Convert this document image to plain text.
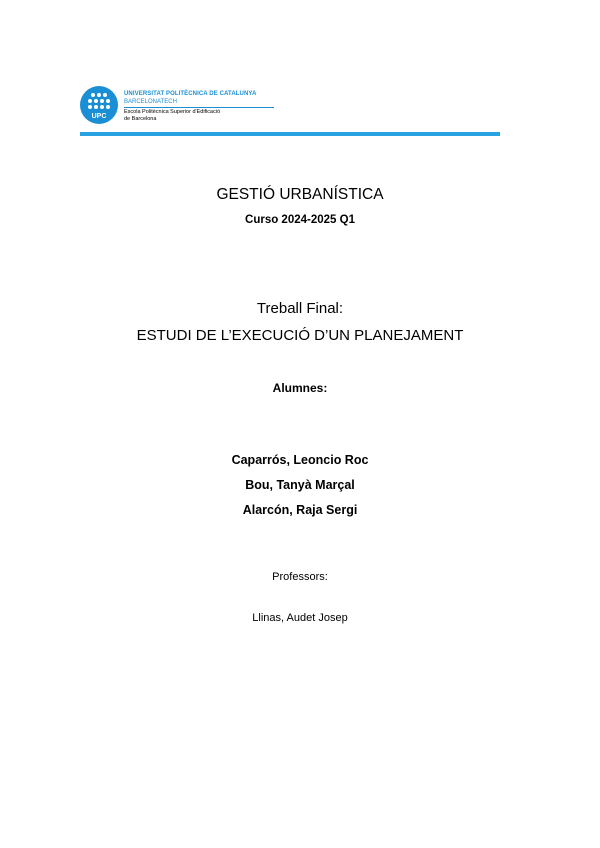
UPC
UNIVERSITAT POLITÈCNICA DE CATALUNYA
BARCELONATECH
Escola Politècnica Superior d'Edificació
de Barcelona
GESTIÓ URBANÍSTICA
Curso 2024-2025 Q1
Treball Final:
ESTUDI DE L’EXECUCIÓ D’UN PLANEJAMENT
Alumnes:
Caparrós, Leoncio Roc
Bou, Tanyà Marçal
Alarcón, Raja Sergi
Professors:
Llinas, Audet Josep
